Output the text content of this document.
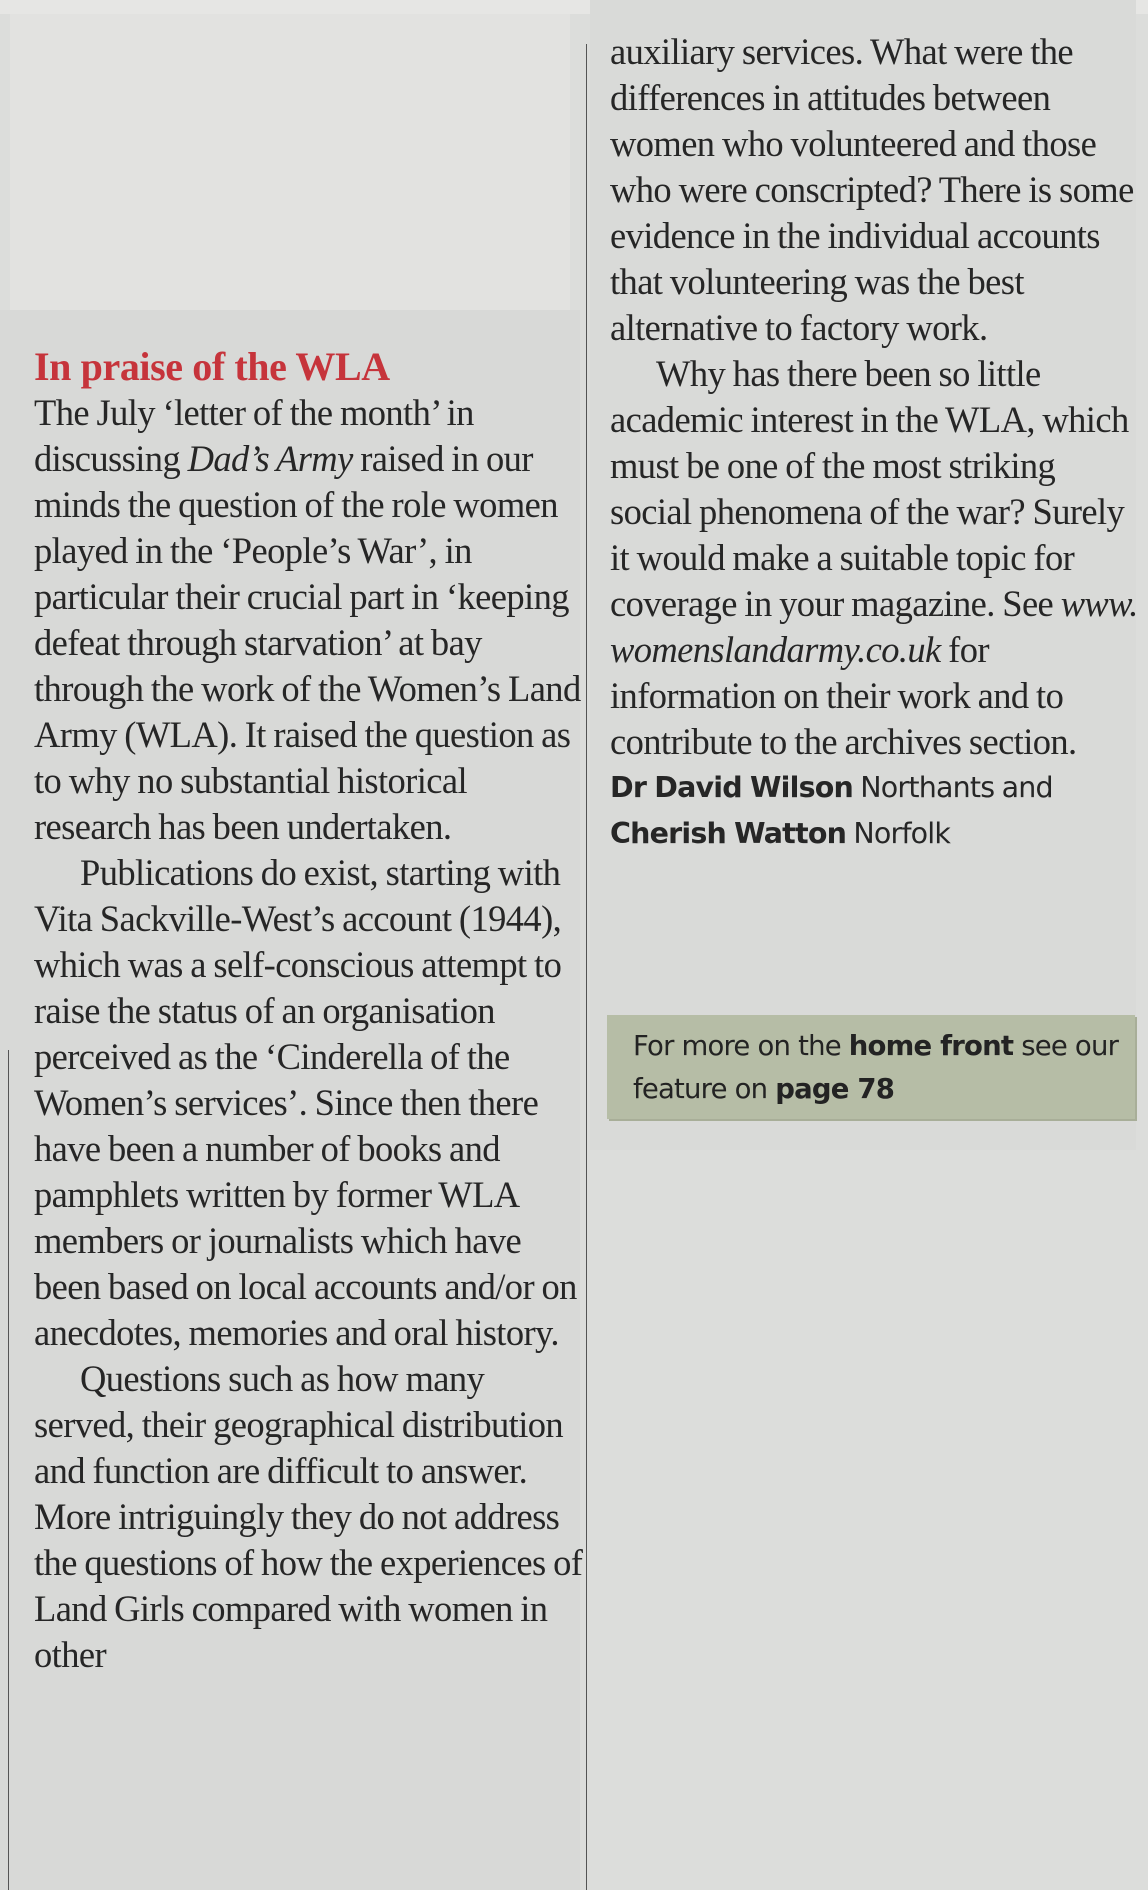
In praise of the WLA

The July ‘letter of the month’ in discussing Dad’s Army raised in our minds the question of the role women played in the ‘People’s War’, in particular their crucial part in ‘keeping defeat through starvation’ at bay through the work of the Women’s Land Army (WLA). It raised the question as to why no substantial historical research has been undertaken.

Publications do exist, starting with Vita Sackville-West’s account (1944), which was a self-conscious attempt to raise the status of an organisation perceived as the ‘Cinderella of the Women’s services’. Since then there have been a number of books and pamphlets written by former WLA members or journalists which have been based on local accounts and/or on anecdotes, memories and oral history.

Questions such as how many served, their geographical distribution and function are difficult to answer. More intriguingly they do not address the questions of how the experiences of Land Girls compared with women in other

auxiliary services. What were the differences in attitudes between women who volunteered and those who were conscripted? There is some evidence in the individual accounts that volunteering was the best alternative to factory work.

Why has there been so little academic interest in the WLA, which must be one of the most striking social phenomena of the war? Surely it would make a suitable topic for coverage in your magazine. See www. womenslandarmy.co.uk for information on their work and to contribute to the archives section.

Dr David Wilson Northants and
Cherish Watton Norfolk
For more on the home front see our feature on page 78
